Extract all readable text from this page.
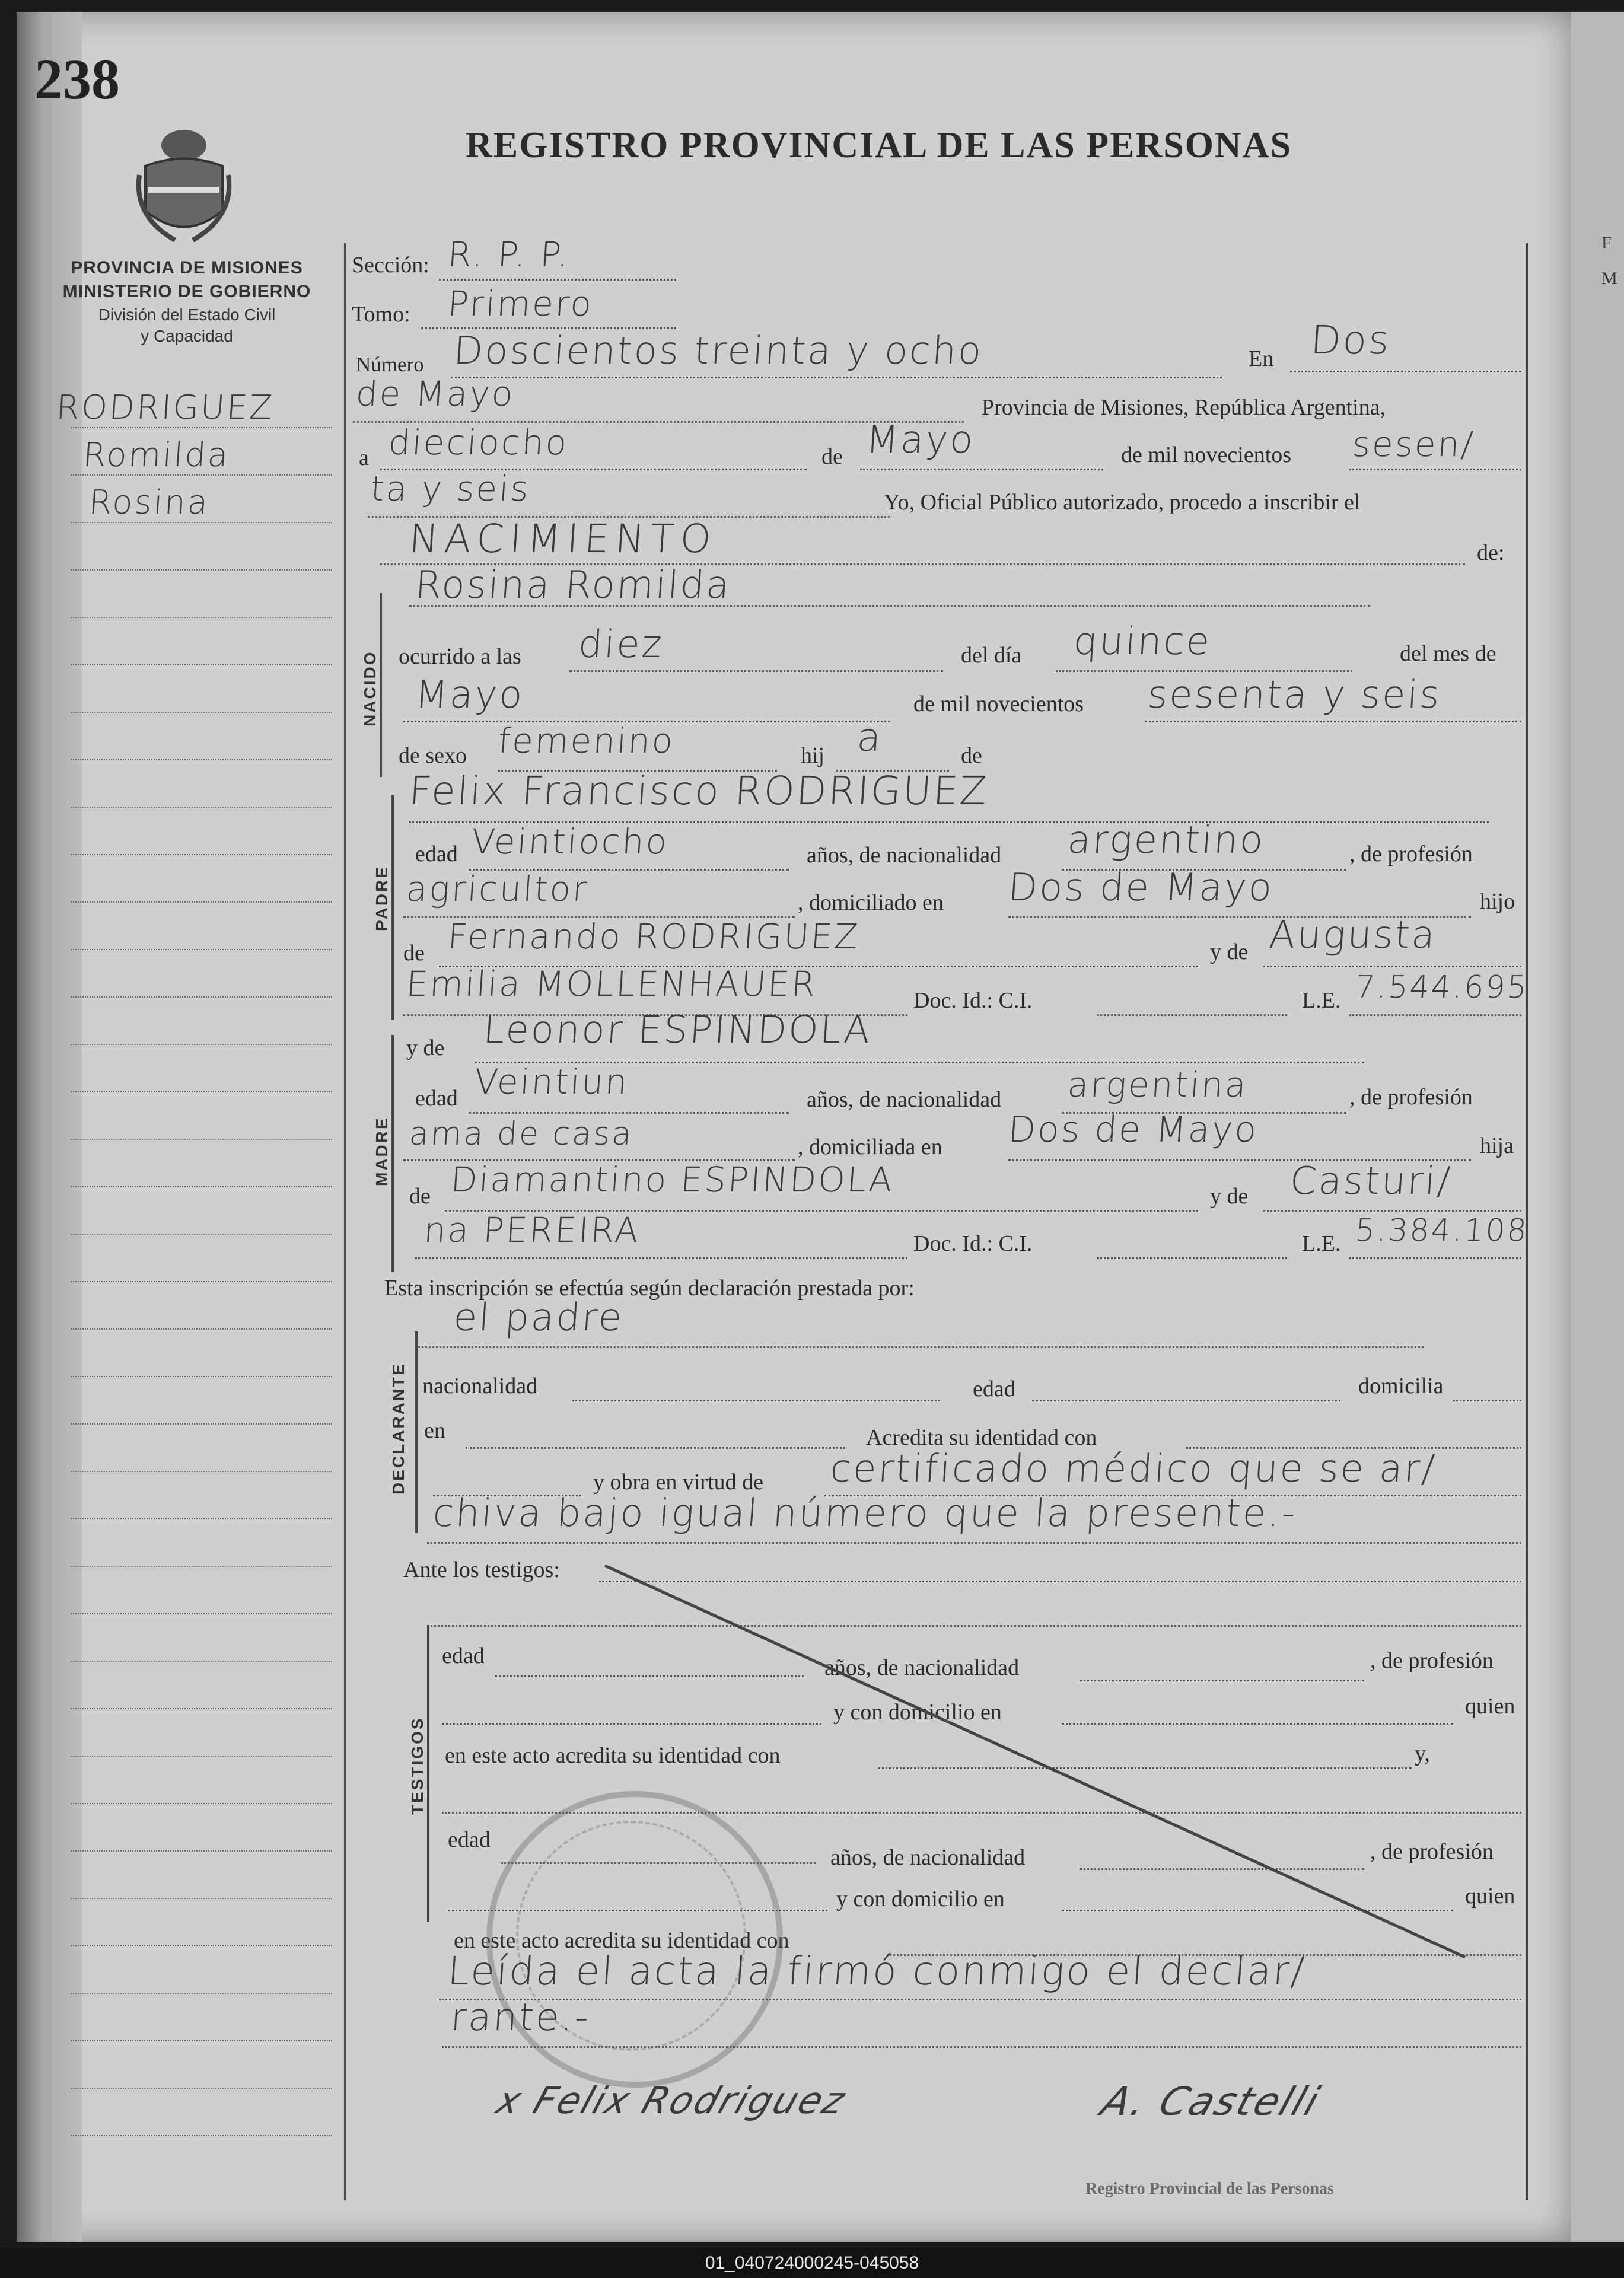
F
M
238
REGISTRO PROVINCIAL DE LAS PERSONAS
PROVINCIA DE MISIONES
MINISTERIO DE GOBIERNO
División del Estado Civil
y Capacidad
RODRIGUEZ
Romilda
Rosina
Sección: R. P. P.
Tomo: Primero
Número Doscientos treinta y ocho	En Dos
de Mayo	Provincia de Misiones, República Argentina,
a dieciocho	de Mayo	de mil novecientos sesen/
ta y seis	Yo, Oficial Público autorizado, procedo a inscribir el
NACIMIENTO	de:
NACIDO
Rosina Romilda
ocurrido a las diez	del día quince	del mes de
Mayo	de mil novecientos sesenta y seis
de sexo femenino	hij a	de
PADRE
Felix Francisco RODRIGUEZ
edad Veintiocho	años, de nacionalidad argentino	, de profesión
agricultor	, domiciliado en Dos de Mayo	hijo
de Fernando RODRIGUEZ	y de Augusta
Emilia MOLLENHAUER	Doc. Id.: C.I.	L.E. 7.544.695
MADRE
y de Leonor ESPINDOLA
edad Veintiun	años, de nacionalidad argentina	, de profesión
ama de casa	, domiciliada en Dos de Mayo	hija
de Diamantino ESPINDOLA	y de Casturi/
na PEREIRA	Doc. Id.: C.I.	L.E. 5.384.108
Esta inscripción se efectúa según declaración prestada por:
el padre
DECLARANTE nacionalidad	edad	domicilia
en	Acredita su identidad con
y obra en virtud de certificado médico que se ar/
chiva bajo igual número que la presente.-
Ante los testigos:
TESTIGOS
edad	años, de nacionalidad	, de profesión
y con domicilio en	quien
en este acto acredita su identidad con	y,
edad
años, de nacionalidad	, de profesión
y con domicilio en	quien
en este acto acredita su identidad con
Leída el acta la firmó conmigo el declar/
rante.-
x Felix Rodriguez	A. Castelli
Registro Provincial de las Personas
01_040724000245-045058
